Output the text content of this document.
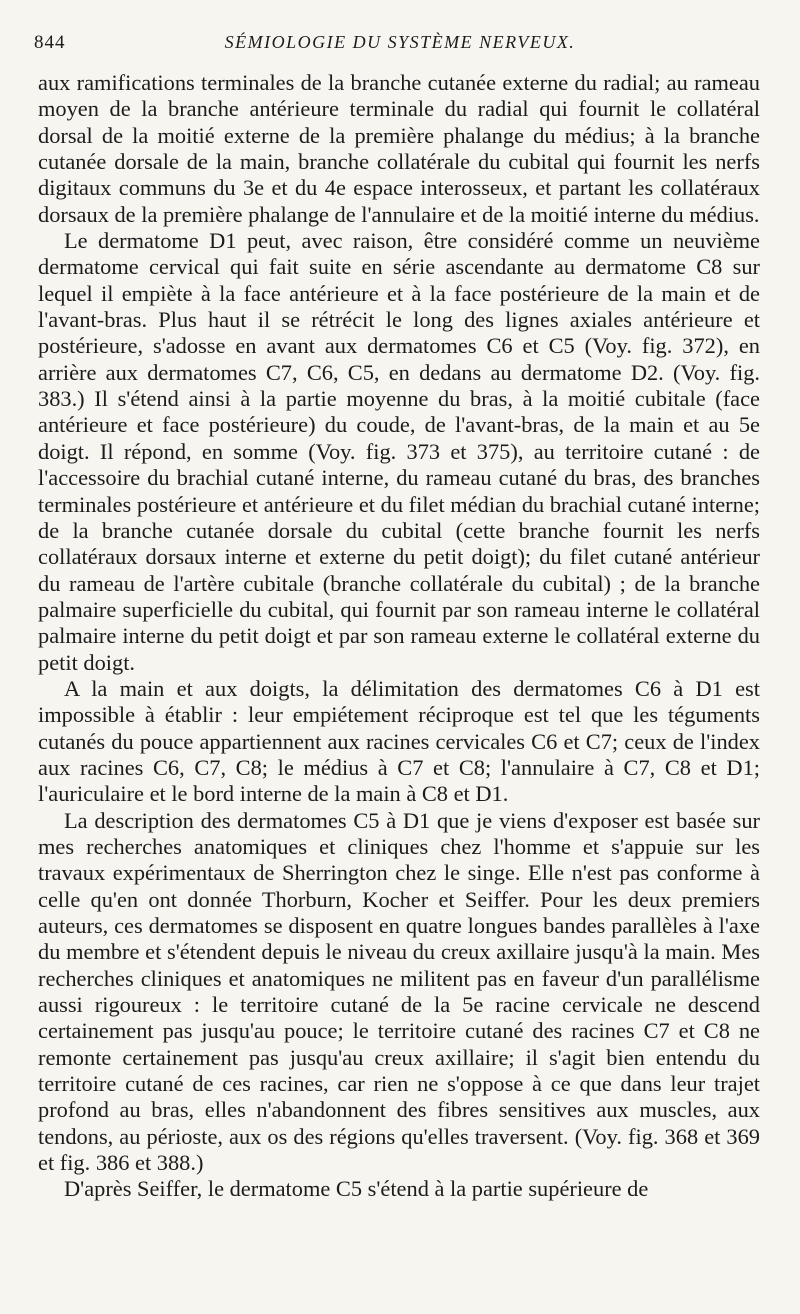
844	SÉMIOLOGIE DU SYSTÈME NERVEUX.

aux ramifications terminales de la branche cutanée externe du radial; au rameau moyen de la branche antérieure terminale du radial qui fournit le collatéral dorsal de la moitié externe de la première phalange du médius; à la branche cutanée dorsale de la main, branche collatérale du cubital qui fournit les nerfs digitaux communs du 3e et du 4e espace interosseux, et partant les collatéraux dorsaux de la première phalange de l'annulaire et de la moitié interne du médius.

Le dermatome D1 peut, avec raison, être considéré comme un neuvième dermatome cervical qui fait suite en série ascendante au dermatome C8 sur lequel il empiète à la face antérieure et à la face postérieure de la main et de l'avant-bras. Plus haut il se rétrécit le long des lignes axiales antérieure et postérieure, s'adosse en avant aux dermatomes C6 et C5 (Voy. fig. 372), en arrière aux dermatomes C7, C6, C5, en dedans au dermatome D2. (Voy. fig. 383.) Il s'étend ainsi à la partie moyenne du bras, à la moitié cubitale (face antérieure et face postérieure) du coude, de l'avant-bras, de la main et au 5e doigt. Il répond, en somme (Voy. fig. 373 et 375), au territoire cutané : de l'accessoire du brachial cutané interne, du rameau cutané du bras, des branches terminales postérieure et antérieure et du filet médian du brachial cutané interne; de la branche cutanée dorsale du cubital (cette branche fournit les nerfs collatéraux dorsaux interne et externe du petit doigt); du filet cutané antérieur du rameau de l'artère cubitale (branche collatérale du cubital) ; de la branche palmaire superficielle du cubital, qui fournit par son rameau interne le collatéral palmaire interne du petit doigt et par son rameau externe le collatéral externe du petit doigt.

A la main et aux doigts, la délimitation des dermatomes C6 à D1 est impossible à établir : leur empiétement réciproque est tel que les téguments cutanés du pouce appartiennent aux racines cervicales C6 et C7; ceux de l'index aux racines C6, C7, C8; le médius à C7 et C8; l'annulaire à C7, C8 et D1; l'auriculaire et le bord interne de la main à C8 et D1.

La description des dermatomes C5 à D1 que je viens d'exposer est basée sur mes recherches anatomiques et cliniques chez l'homme et s'appuie sur les travaux expérimentaux de Sherrington chez le singe. Elle n'est pas conforme à celle qu'en ont donnée Thorburn, Kocher et Seiffer. Pour les deux premiers auteurs, ces dermatomes se disposent en quatre longues bandes parallèles à l'axe du membre et s'étendent depuis le niveau du creux axillaire jusqu'à la main. Mes recherches cliniques et anatomiques ne militent pas en faveur d'un parallélisme aussi rigoureux : le territoire cutané de la 5e racine cervicale ne descend certainement pas jusqu'au pouce; le territoire cutané des racines C7 et C8 ne remonte certainement pas jusqu'au creux axillaire; il s'agit bien entendu du territoire cutané de ces racines, car rien ne s'oppose à ce que dans leur trajet profond au bras, elles n'abandonnent des fibres sensitives aux muscles, aux tendons, au périoste, aux os des régions qu'elles traversent. (Voy. fig. 368 et 369 et fig. 386 et 388.)

D'après Seiffer, le dermatome C5 s'étend à la partie supérieure de
